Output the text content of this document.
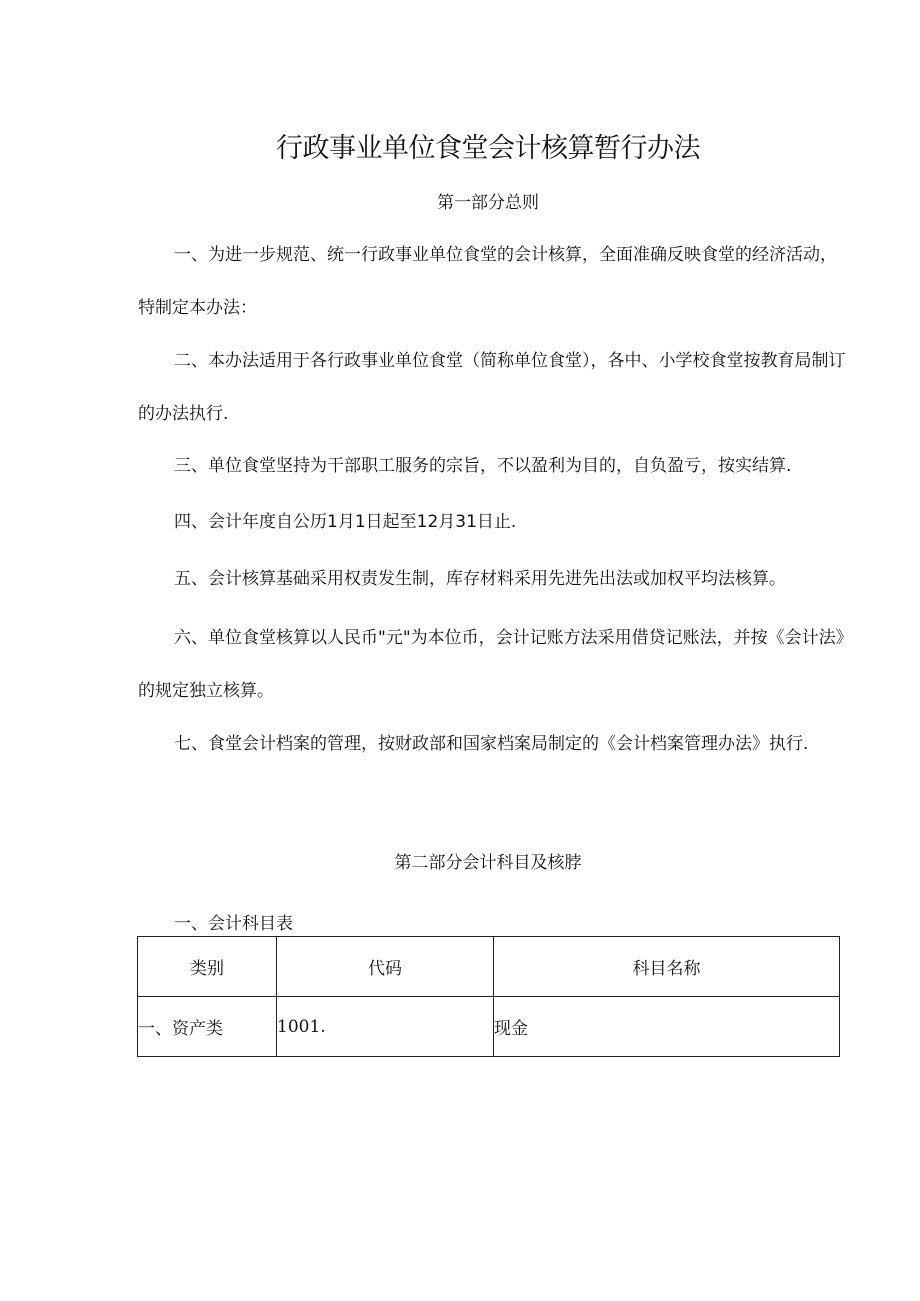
行政事业单位食堂会计核算暂行办法
第一部分总则

一、为进一步规范、统一行政事业单位食堂的会计核算，全面准确反映食堂的经济活动，特制定本办法：

二、本办法适用于各行政事业单位食堂（简称单位食堂），各中、小学校食堂按教育局制订的办法执行.

三、单位食堂坚持为干部职工服务的宗旨，不以盈利为目的，自负盈亏，按实结算.

四、会计年度自公历1月1日起至12月31日止.

五、会计核算基础采用权责发生制，库存材料采用先进先出法或加权平均法核算。

六、单位食堂核算以人民币"元"为本位币，会计记账方法采用借贷记账法，并按《会计法》的规定独立核算。

七、食堂会计档案的管理，按财政部和国家档案局制定的《会计档案管理办法》执行.

第二部分会计科目及核脖
一、会计科目表
类别	代码	科目名称
一、资产类	1001.	现金
